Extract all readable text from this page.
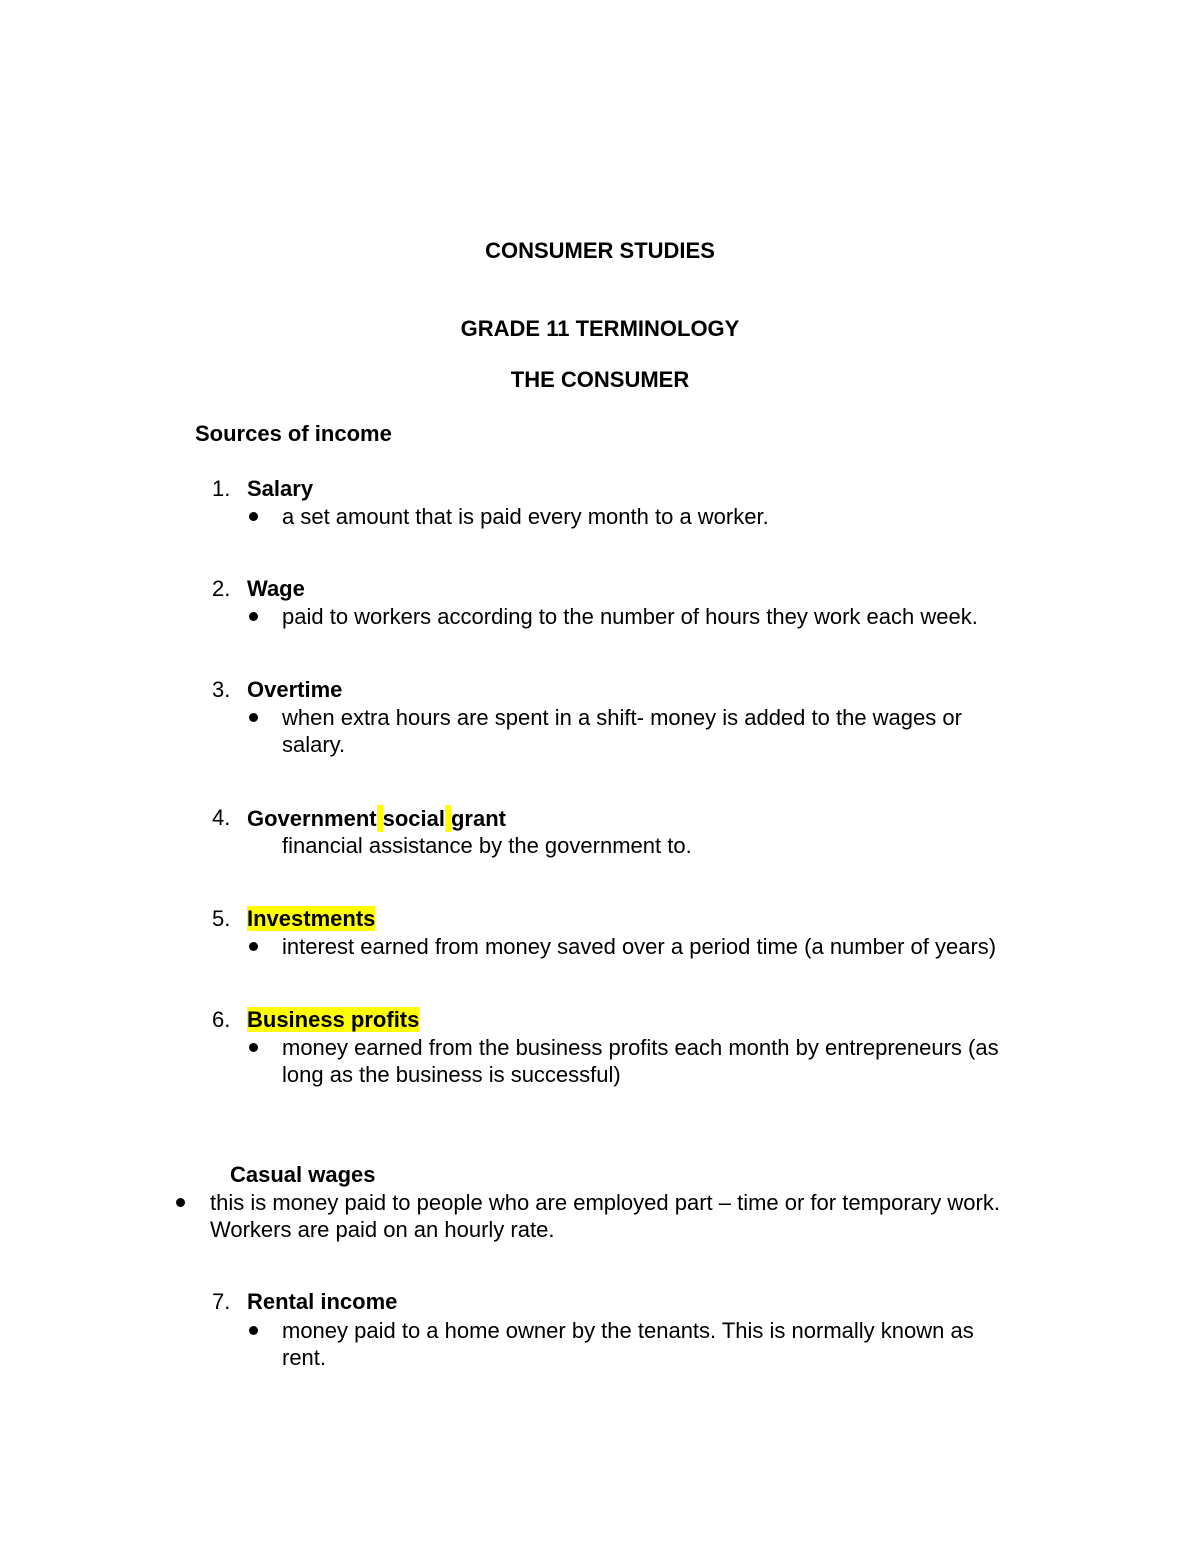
CONSUMER STUDIES
GRADE 11 TERMINOLOGY
THE CONSUMER
Sources of income
1. Salary
a set amount that is paid every month to a worker.
2. Wage
paid to workers according to the number of hours they work each week.
3. Overtime
when extra hours are spent in a shift- money is added to the wages or
salary.
4. Government social grant
financial assistance by the government to.
5. Investments
interest earned from money saved over a period time (a number of years)
6. Business profits
money earned from the business profits each month by entrepreneurs (as
long as the business is successful)
Casual wages
this is money paid to people who are employed part – time or for temporary work.
Workers are paid on an hourly rate.
7. Rental income
money paid to a home owner by the tenants. This is normally known as
rent.
